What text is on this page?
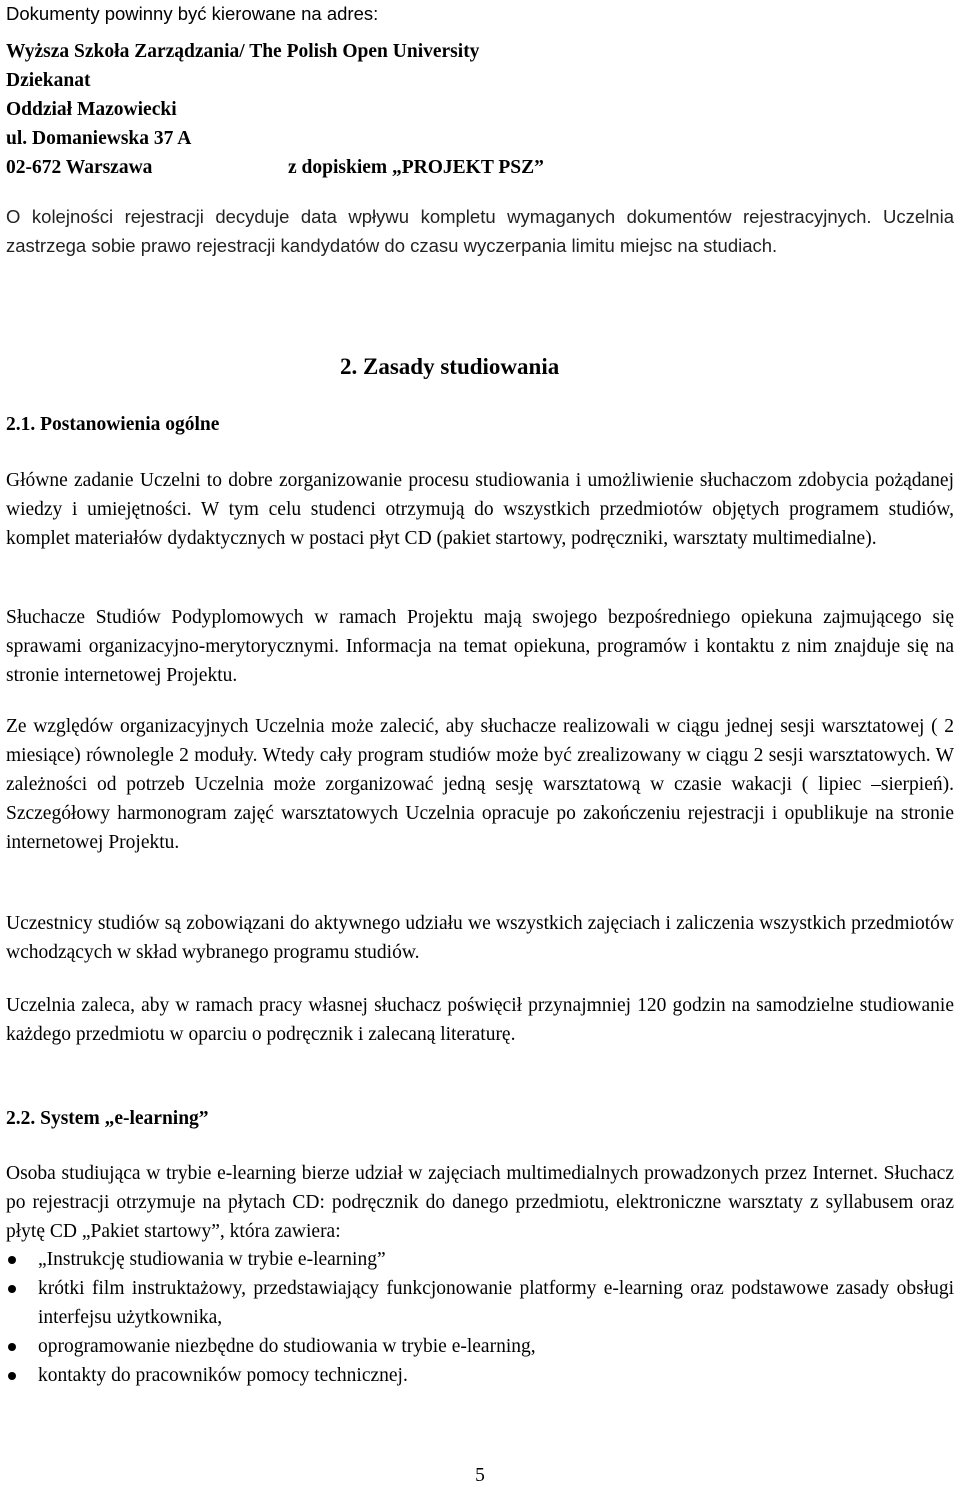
Dokumenty powinny być kierowane na adres:

Wyższa Szkoła Zarządzania/ The Polish Open University
Dziekanat
Oddział Mazowiecki
ul. Domaniewska 37 A
02-672 Warszawa	z dopiskiem „PROJEKT PSZ”

O kolejności rejestracji decyduje data wpływu kompletu wymaganych dokumentów rejestracyjnych. Uczelnia zastrzega sobie prawo rejestracji kandydatów do czasu wyczerpania limitu miejsc na studiach.

2. Zasady studiowania
2.1. Postanowienia ogólne

Główne zadanie Uczelni to dobre zorganizowanie procesu studiowania i umożliwienie słuchaczom zdobycia pożądanej wiedzy i umiejętności. W tym celu studenci otrzymują do wszystkich przedmiotów objętych programem studiów, komplet materiałów dydaktycznych w postaci płyt CD (pakiet startowy, podręczniki, warsztaty multimedialne).

Słuchacze Studiów Podyplomowych w ramach Projektu mają swojego bezpośredniego opiekuna zajmującego się sprawami organizacyjno-merytorycznymi. Informacja na temat opiekuna, programów i kontaktu z nim znajduje się na stronie internetowej Projektu.

Ze względów organizacyjnych Uczelnia może zalecić, aby słuchacze realizowali w ciągu jednej sesji warsztatowej ( 2 miesiące) równolegle 2 moduły. Wtedy cały program studiów może być zrealizowany w ciągu 2 sesji warsztatowych. W zależności od potrzeb Uczelnia może zorganizować jedną sesję warsztatową w czasie wakacji ( lipiec –sierpień). Szczegółowy harmonogram zajęć warsztatowych Uczelnia opracuje po zakończeniu rejestracji i opublikuje na stronie internetowej Projektu.

Uczestnicy studiów są zobowiązani do aktywnego udziału we wszystkich zajęciach i zaliczenia wszystkich przedmiotów wchodzących w skład wybranego programu studiów.

Uczelnia zaleca, aby w ramach pracy własnej słuchacz poświęcił przynajmniej 120 godzin na samodzielne studiowanie każdego przedmiotu w oparciu o podręcznik i zalecaną literaturę.

2.2. System „e-learning”

Osoba studiująca w trybie e-learning bierze udział w zajęciach multimedialnych prowadzonych przez Internet. Słuchacz po rejestracji otrzymuje na płytach CD: podręcznik do danego przedmiotu, elektroniczne warsztaty z syllabusem oraz płytę CD „Pakiet startowy”, która zawiera:

„Instrukcję studiowania w trybie e-learning”
krótki film instruktażowy, przedstawiający funkcjonowanie platformy e-learning oraz podstawowe zasady obsługi interfejsu użytkownika,
oprogramowanie niezbędne do studiowania w trybie e-learning,
kontakty do pracowników pomocy technicznej.

5
